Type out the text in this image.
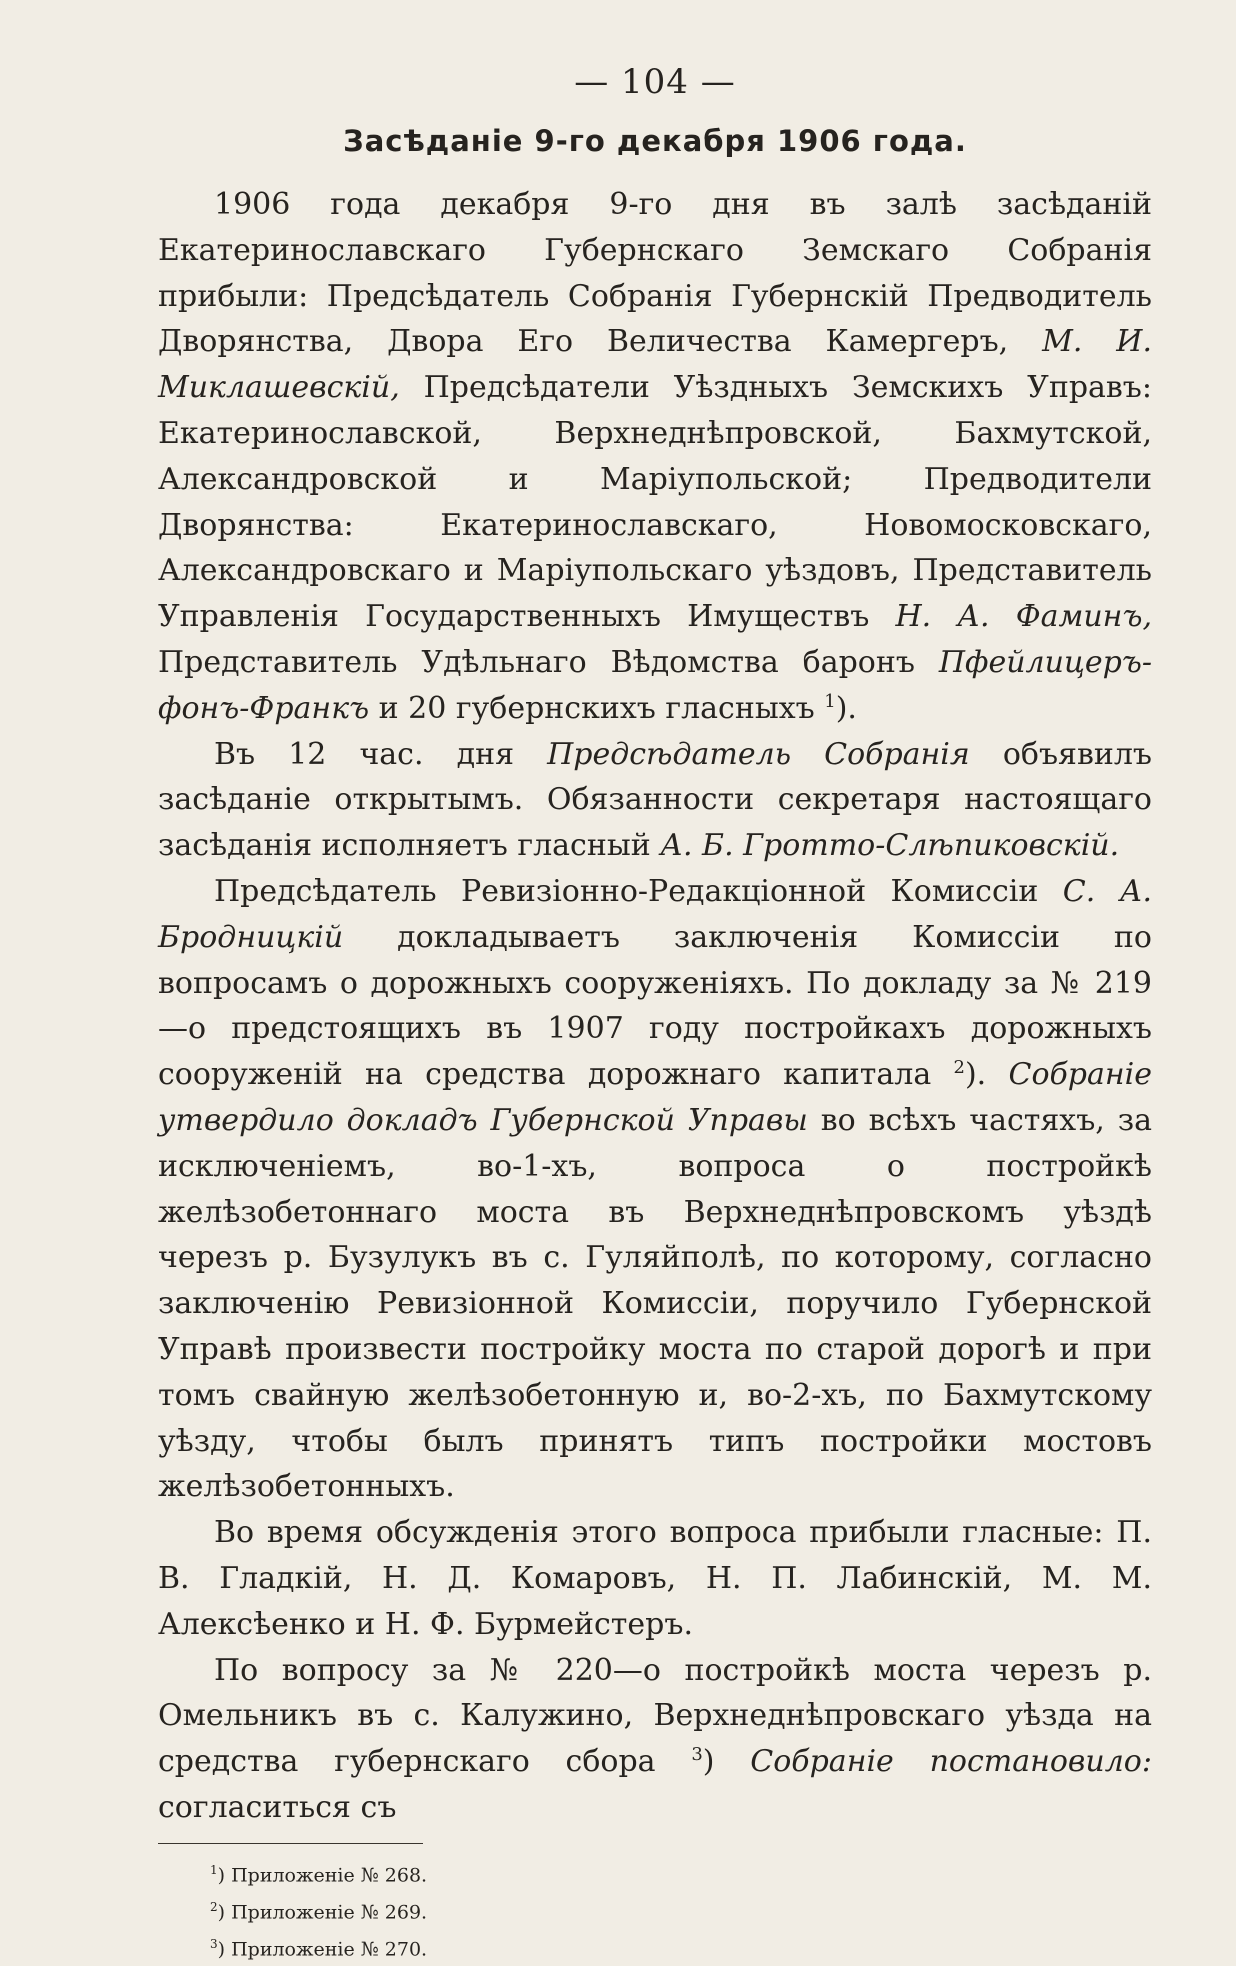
— 104 —
Засѣданіе 9-го декабря 1906 года.

1906 года декабря 9-го дня въ залѣ засѣданій Екатеринославскаго Губернскаго Земскаго Собранія прибыли: Предсѣдатель Собранія Губернскій Предводитель Дворянства, Двора Его Величества Камергеръ, М. И. Миклашевскій, Предсѣдатели Уѣздныхъ Земскихъ Управъ: Екатеринославской, Верхнеднѣпровской, Бахмутской, Александровской и Маріупольской; Предводители Дворянства: Екатеринославскаго, Новомосковскаго, Александровскаго и Маріупольскаго уѣздовъ, Представитель Управленія Государственныхъ Имуществъ Н. А. Фаминъ, Представитель Удѣльнаго Вѣдомства баронъ Пфейлицеръ-фонъ-Франкъ и 20 губернскихъ гласныхъ $^1$).

Въ 12 час. дня Предсѣдатель Собранія объявилъ засѣданіе открытымъ. Обязанности секретаря настоящаго засѣданія исполняетъ гласный А. Б. Гротто-Слѣпиковскій.

Предсѣдатель Ревизіонно-Редакціонной Комиссіи С. А. Бродницкій докладываетъ заключенія Комиссіи по вопросамъ о дорожныхъ сооруженіяхъ. По докладу за № 219—о предстоящихъ въ 1907 году постройкахъ дорожныхъ сооруженій на средства дорожнаго капитала $^2$). Собраніе утвердило докладъ Губернской Управы во всѣхъ частяхъ, за исключеніемъ, во-1-хъ, вопроса о постройкѣ желѣзобетоннаго моста въ Верхнеднѣпровскомъ уѣздѣ черезъ р. Бузулукъ въ с. Гуляйполѣ, по которому, согласно заключенію Ревизіонной Комиссіи, поручило Губернской Управѣ произвести постройку моста по старой дорогѣ и при томъ свайную желѣзобетонную и, во-2-хъ, по Бахмутскому уѣзду, чтобы былъ принятъ типъ постройки мостовъ желѣзобетонныхъ.

Во время обсужденія этого вопроса прибыли гласные: П. В. Гладкій, Н. Д. Комаровъ, Н. П. Лабинскій, М. М. Алексѣенко и Н. Ф. Бурмейстеръ.

По вопросу за № 220—о постройкѣ моста черезъ р. Омельникъ въ с. Калужино, Верхнеднѣпровскаго уѣзда на средства губернскаго сбора $^3$) Собраніе постановило: согласиться съ

$^1$) Приложеніе № 268.
$^2$) Приложеніе № 269.
$^3$) Приложеніе № 270.
